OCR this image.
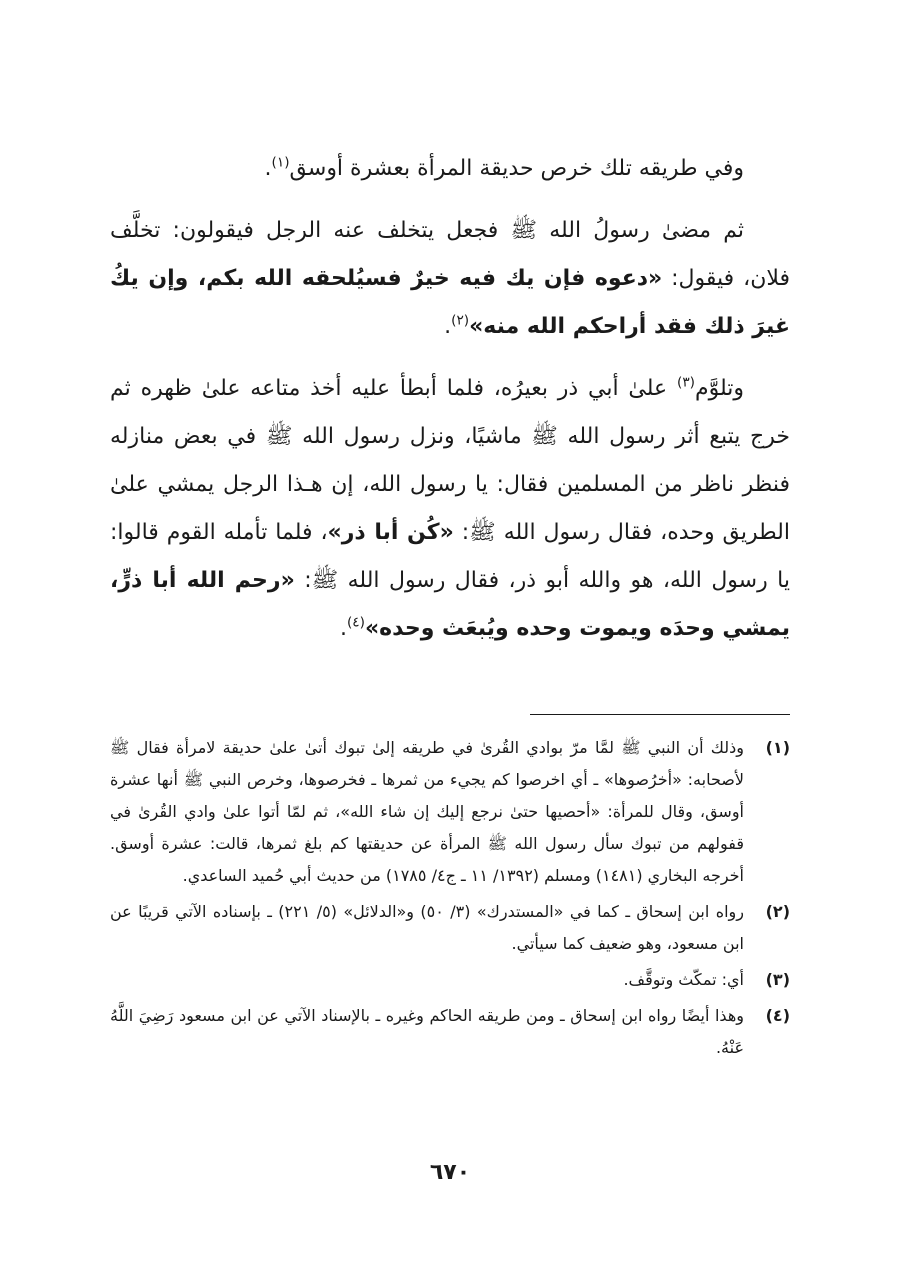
وفي طريقه تلك خرص حديقة المرأة بعشرة أوسق$^{(١)}$.

ثم مضىٰ رسولُ الله ﷺ فجعل يتخلف عنه الرجل فيقولون: تخلَّف فلان، فيقول: «دعوه فإن يك فيه خيرٌ فسيُلحقه الله بكم، وإن يكُ غيرَ ذلك فقد أراحكم الله منه»$^{(٢)}$.

وتلوَّم$^{(٣)}$ علىٰ أبي ذر بعيرُه، فلما أبطأ عليه أخذ متاعه علىٰ ظهره ثم خرج يتبع أثر رسول الله ﷺ ماشيًا، ونزل رسول الله ﷺ في بعض منازله فنظر ناظر من المسلمين فقال: يا رسول الله، إن هـذا الرجل يمشي علىٰ الطريق وحده، فقال رسول الله ﷺ: «كُن أبا ذر»، فلما تأمله القوم قالوا: يا رسول الله، هو والله أبو ذر، فقال رسول الله ﷺ: «رحم الله أبا ذرٍّ، يمشي وحدَه ويموت وحده ويُبعَث وحده»$^{(٤)}$.

(١)
وذلك أن النبي ﷺ لمَّا مرّ بوادي القُرىٰ في طريقه إلىٰ تبوك أتىٰ علىٰ حديقة لامرأة فقال ﷺ لأصحابه: «أخرُصوها» ـ أي اخرصوا كم يجيء من ثمرها ـ فخرصوها، وخرص النبي ﷺ أنها عشرة أوسق، وقال للمرأة: «أحصيها حتىٰ نرجع إليك إن شاء الله»، ثم لمّا أتوا علىٰ وادي القُرىٰ في قفولهم من تبوك سأل رسول الله ﷺ المرأة عن حديقتها كم بلغ ثمرها، قالت: عشرة أوسق. أخرجه البخاري (١٤٨١) ومسلم (١٣٩٢/ ١١ ـ ج٤/ ١٧٨٥) من حديث أبي حُميد الساعدي.
(٢)
رواه ابن إسحاق ـ كما في «المستدرك» (٣/ ٥٠) و«الدلائل» (٥/ ٢٢١) ـ بإسناده الآتي قريبًا عن ابن مسعود، وهو ضعيف كما سيأتي.
(٣)
أي: تمكّث وتوقَّف.
(٤)
وهذا أيضًا رواه ابن إسحاق ـ ومن طريقه الحاكم وغيره ـ بالإسناد الآتي عن ابن مسعود رَضِيَ اللَّهُ عَنْهُ.
٦٧٠
